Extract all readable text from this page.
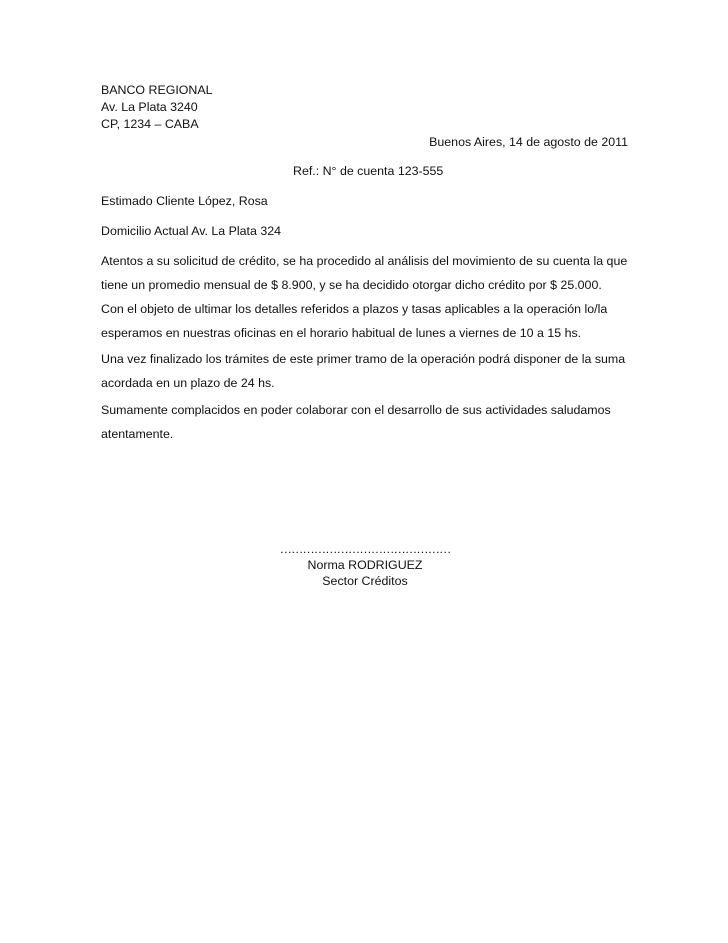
BANCO REGIONAL
Av. La Plata 3240
CP, 1234 – CABA
Buenos Aires, 14 de agosto de 2011
Ref.: N° de cuenta 123-555
Estimado Cliente López, Rosa
Domicilio Actual Av. La Plata 324
Atentos a su solicitud de crédito, se ha procedido al análisis del movimiento de su cuenta la que
tiene un promedio mensual de $ 8.900, y se ha decidido otorgar dicho crédito por $ 25.000.
Con el objeto de ultimar los detalles referidos a plazos y tasas aplicables a la operación lo/la
esperamos en nuestras oficinas en el horario habitual de lunes a viernes de 10 a 15 hs.
Una vez finalizado los trámites de este primer tramo de la operación podrá disponer de la suma
acordada en un plazo de 24 hs.
Sumamente complacidos en poder colaborar con el desarrollo de sus actividades saludamos
atentamente.
………………………………………
Norma RODRIGUEZ
Sector Créditos
